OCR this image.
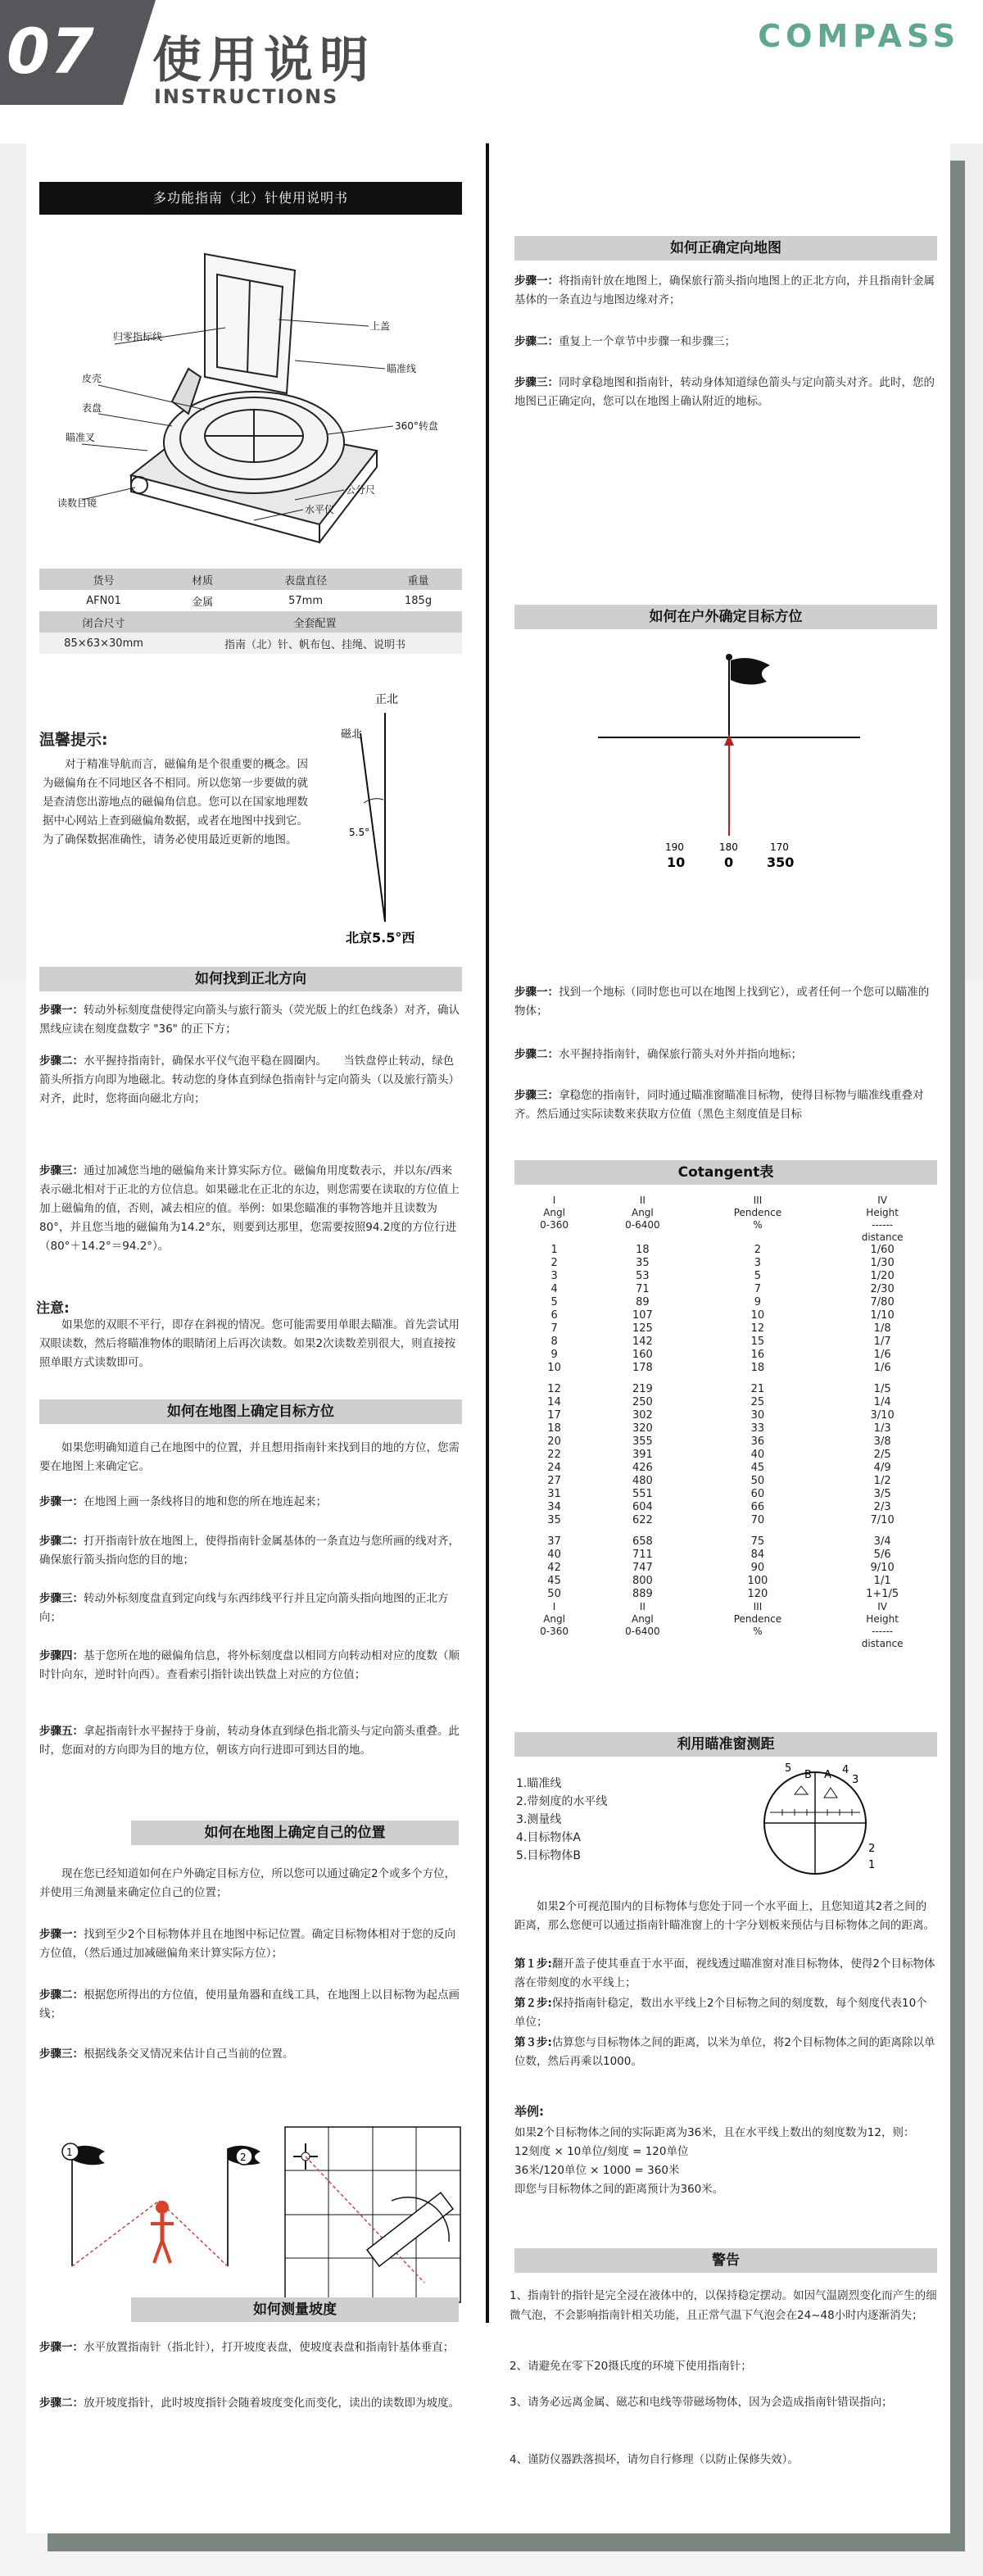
07 使用说明
INSTRUCTIONS
COMPASS
多功能指南（北）针使用说明书
归零指标线
皮壳
表盘
瞄准叉
读数目镜
上盖
瞄准线
360°转盘
公分尺
水平仪
货号	材质	表盘直径	重量
AFN01	金属	57mm	185g
闭合尺寸	全套配置		
85×63×30mm	指南（北）针、帆布包、挂绳、说明书		
温馨提示:
对于精准导航而言，磁偏角是个很重要的概念。因为磁偏角在不同地区各不相同。所以您第一步要做的就是查清您出游地点的磁偏角信息。您可以在国家地理数据中心网站上查到磁偏角数据，或者在地图中找到它。为了确保数据准确性，请务必使用最近更新的地图。
正北
磁北
5.5°
北京5.5°西
如何找到正北方向
步骤一：转动外标刻度盘使得定向箭头与旅行箭头（荧光版上的红色线条）对齐，确认黑线应读在刻度盘数字 "36" 的正下方；
步骤二：水平握持指南针，确保水平仪气泡平稳在圆圈内。　　当铁盘停止转动，绿色箭头所指方向即为地磁北。转动您的身体直到绿色指南针与定向箭头（以及旅行箭头）对齐，此时，您将面向磁北方向；
步骤三：通过加减您当地的磁偏角来计算实际方位。磁偏角用度数表示，并以东/西来表示磁北相对于正北的方位信息。如果磁北在正北的东边，则您需要在读取的方位值上加上磁偏角的值，否则，减去相应的值。举例：如果您瞄准的事物答地并且读数为80°，并且您当地的磁偏角为14.2°东，则要到达那里，您需要按照94.2度的方位行进（80°＋14.2°＝94.2°）。
注意:
如果您的双眼不平行，即存在斜视的情况。您可能需要用单眼去瞄准。首先尝试用双眼读数，然后将瞄准物体的眼睛闭上后再次读数。如果2次读数差别很大，则直接按照单眼方式读数即可。
如何在地图上确定目标方位
如果您明确知道自己在地图中的位置，并且想用指南针来找到目的地的方位，您需要在地图上来确定它。
步骤一：在地图上画一条线将目的地和您的所在地连起来；
步骤二：打开指南针放在地图上，使得指南针金属基体的一条直边与您所画的线对齐，确保旅行箭头指向您的目的地；
步骤三：转动外标刻度盘直到定向线与东西纬线平行并且定向箭头指向地图的正北方向；
步骤四：基于您所在地的磁偏角信息，将外标刻度盘以相同方向转动相对应的度数（顺时针向东，逆时针向西）。查看索引指针读出铁盘上对应的方位值；
步骤五：拿起指南针水平握持于身前，转动身体直到绿色指北箭头与定向箭头重叠。此时，您面对的方向即为目的地方位，朝该方向行进即可到达目的地。
如何在地图上确定自己的位置
现在您已经知道如何在户外确定目标方位，所以您可以通过确定2个或多个方位，并使用三角测量来确定位自己的位置；
步骤一：找到至少2个目标物体并且在地图中标记位置。确定目标物体相对于您的反向方位值，（然后通过加减磁偏角来计算实际方位）；
步骤二：根据您所得出的方位值，使用量角器和直线工具，在地图上以目标物为起点画线；
步骤三：根据线条交叉情况来估计自己当前的位置。
1	2
如何测量坡度
步骤一：水平放置指南针（指北针），打开坡度表盘，使坡度表盘和指南针基体垂直；
步骤二：放开坡度指针，此时坡度指针会随着坡度变化而变化，读出的读数即为坡度。
如何正确定向地图
步骤一：将指南针放在地图上，确保旅行箭头指向地图上的正北方向，并且指南针金属基体的一条直边与地图边缘对齐；
步骤二：重复上一个章节中步骤一和步骤三；
步骤三：同时拿稳地图和指南针，转动身体知道绿色箭头与定向箭头对齐。此时，您的地图已正确定向，您可以在地图上确认附近的地标。
如何在户外确定目标方位
190	180	170
10	0	350
步骤一：找到一个地标（同时您也可以在地图上找到它），或者任何一个您可以瞄准的物体；
步骤二：水平握持指南针，确保旅行箭头对外并指向地标；
步骤三：拿稳您的指南针，同时通过瞄准窗瞄准目标物，使得目标物与瞄准线重叠对齐。然后通过实际读数来获取方位值（黑色主刻度值是目标
Cotangent表
I	II	III	IV
Angl	Angl	Pendence	Height
0-360	0-6400	%	------
			distance
1	18	2	1/60
2	35	3	1/30
3	53	5	1/20
4	71	7	2/30
5	89	9	7/80
6	107	10	1/10
7	125	12	1/8
8	142	15	1/7
9	160	16	1/6
10	178	18	1/6

12	219	21	1/5
14	250	25	1/4
17	302	30	3/10
18	320	33	1/3
20	355	36	3/8
22	391	40	2/5
24	426	45	4/9
27	480	50	1/2
31	551	60	3/5
34	604	66	2/3
35	622	70	7/10

37	658	75	3/4
40	711	84	5/6
42	747	90	9/10
45	800	100	1/1
50	889	120	1+1/5
I	II	III	IV
Angl	Angl	Pendence	Height
0-360	0-6400	%	------
			distance
利用瞄准窗测距
1.瞄准线
2.带刻度的水平线
3.测量线
4.目标物体A
5.目标物体B
5
B A 4
3
2
1
如果2个可视范围内的目标物体与您处于同一个水平面上，且您知道其2者之间的距离，那么您便可以通过指南针瞄准窗上的十字分划板来预估与目标物体之间的距离。
第１步:翻开盖子使其垂直于水平面，视线透过瞄准窗对准目标物体，使得2个目标物体落在带刻度的水平线上；
第２步:保持指南针稳定，数出水平线上2个目标物之间的刻度数，每个刻度代表10个单位；
第３步:估算您与目标物体之间的距离，以米为单位，将2个目标物体之间的距离除以单位数，然后再乘以1000。
举例:
如果2个目标物体之间的实际距离为36米，且在水平线上数出的刻度数为12，则：
12刻度 × 10单位/刻度 = 120单位
36米/120单位 × 1000 = 360米
即您与目标物体之间的距离预计为360米。
警告
1、指南针的指针是完全浸在液体中的，以保持稳定摆动。如因气温剧烈变化而产生的细微气泡，不会影响指南针相关功能，且正常气温下气泡会在24~48小时内逐渐消失；
2、请避免在零下20摄氏度的环境下使用指南针；
3、请务必远离金属、磁芯和电线等带磁场物体，因为会造成指南针错误指向；
4、谨防仪器跌落损坏，请勿自行修理（以防止保修失效）。
